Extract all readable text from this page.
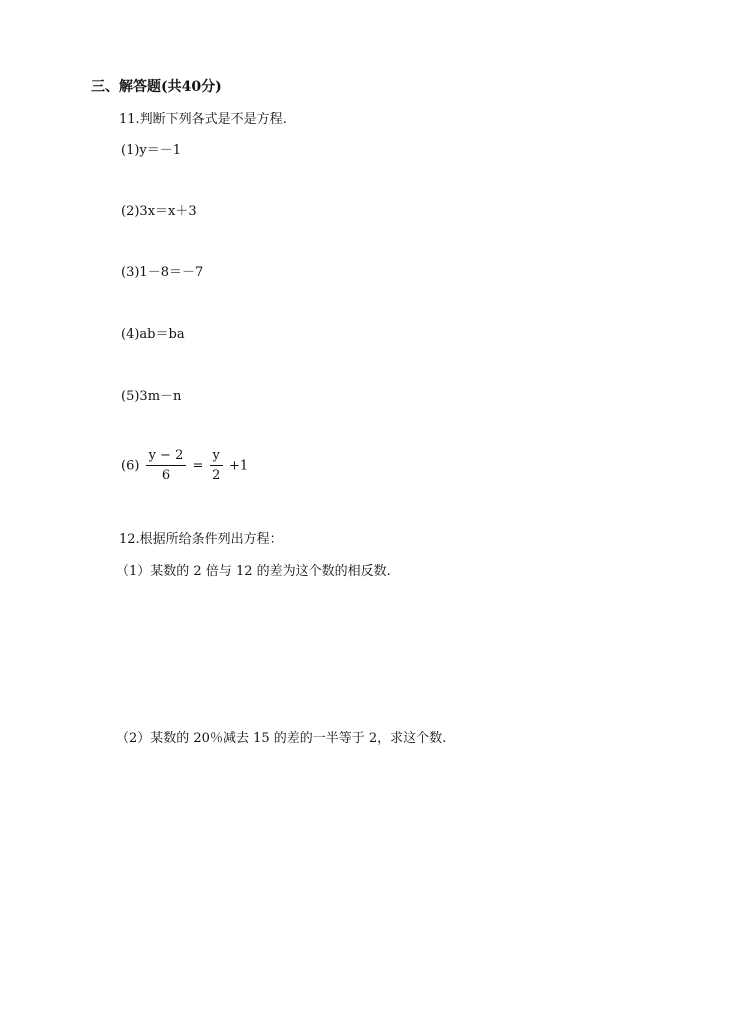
三、解答题(共40分)
11.判断下列各式是不是方程.
(1)y＝－1
(2)3x＝x＋3
(3)1－8＝－7
(4)ab＝ba
(5)3m－n
$(6) \frac{y - 2}{6} = \frac{y}{2} +1$
12.根据所给条件列出方程：
（1）某数的 2 倍与 12 的差为这个数的相反数.
（2）某数的 20％减去 15 的差的一半等于 2，求这个数.
